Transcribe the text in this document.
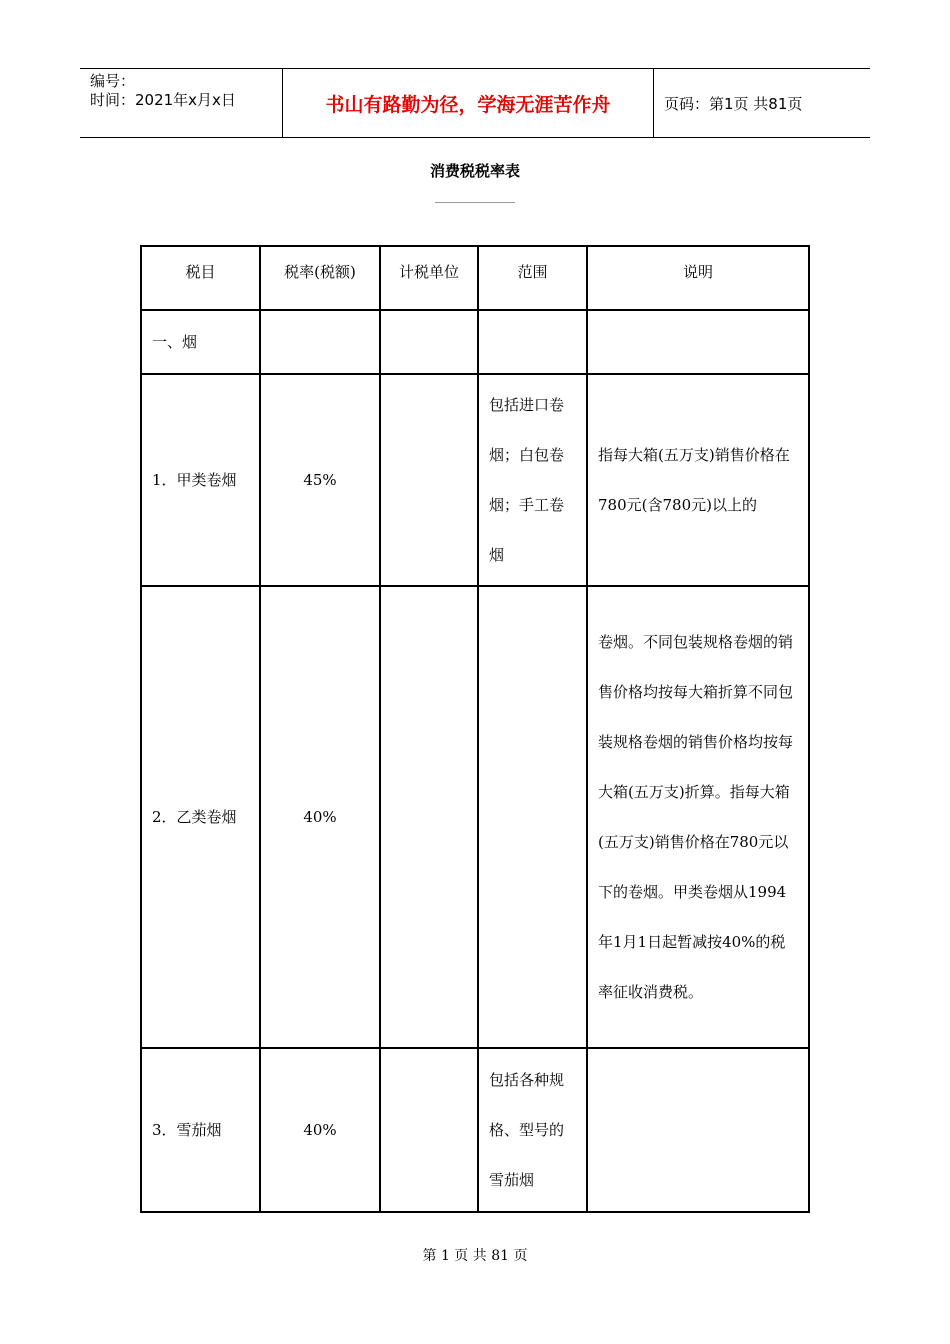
编号：
时间：2021年x月x日	书山有路勤为径，学海无涯苦作舟	页码：第1页 共81页
消费税税率表
税目	税率(税额)	计税单位	范围	说明
一、烟				
1．甲类卷烟	45%		包括进口卷烟；白包卷烟；手工卷烟	指每大箱(五万支)销售价格在780元(含780元)以上的
2．乙类卷烟	40%			卷烟。不同包装规格卷烟的销售价格均按每大箱折算不同包装规格卷烟的销售价格均按每大箱(五万支)折算。指每大箱(五万支)销售价格在780元以下的卷烟。甲类卷烟从1994年1月1日起暂减按40%的税率征收消费税。
3．雪茄烟	40%		包括各种规格、型号的雪茄烟	
第 1 页 共 81 页
